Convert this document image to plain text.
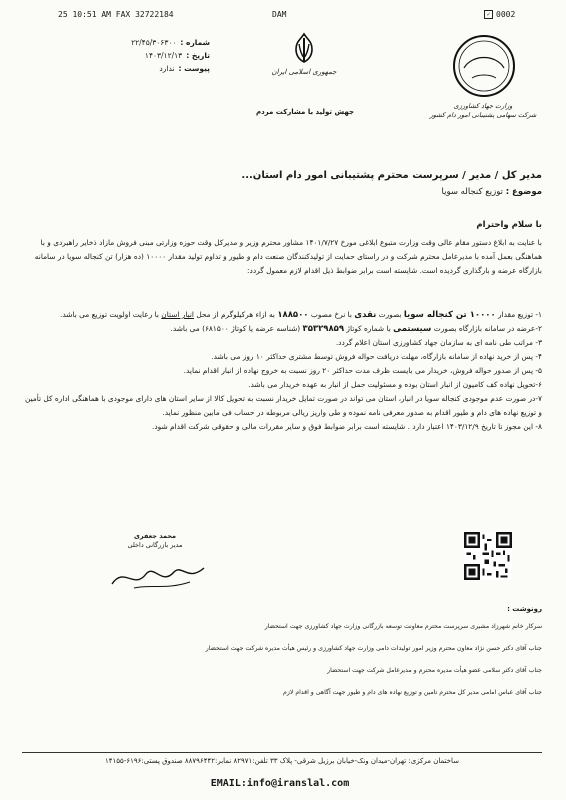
25 10:51 AM FAX 32722184	DAM	✓ 0002
شماره :
۲۲/۴۵/۳۰۶۳۰۰
تاریخ :
۱۴۰۳/۱۲/۱۳
پیوست :
ندارد	جمهوری اسلامی ایران
جهش تولید با مشارکت مردم
وزارت جهاد کشاورزی
شرکت سهامی پشتیبانی امور دام کشور
مدیر کل / مدیر / سرپرست محترم پشتیبانی امور دام استان...
موضوع : توزیع کنجاله سویا
با سلام واحترام
با عنایت به ابلاغ دستور مقام عالی وقت وزارت متبوع ابلاغی مورخ ۱۴۰۱/۷/۲۷ مشاور محترم وزیر و مدیرکل وقت حوزه وزارتی مبنی فروش مازاد ذخایر راهبردی و با هماهنگی بعمل آمده با مدیرعامل محترم شرکت و در راستای حمایت از تولیدکنندگان صنعت دام و طیور و تداوم تولید مقدار ۱۰۰۰۰ (ده هزار) تن کنجاله سویا در سامانه بازارگاه عرضه و بارگذاری گردیده است. شایسته است برابر ضوابط ذیل اقدام لازم معمول گردد:

۱- توزیع مقدار ۱۰۰۰۰ تن کنجاله سویا بصورت نقدی با نرخ مصوب ۱۸۸۵۰۰ به ازاء هرکیلوگرم از محل انبار استان با رعایت اولویت توزیع می باشد.

۲-عرضه در سامانه بازارگاه بصورت سیستمی با شماره کوتاژ ۳۵۳۲۹۸۵۹ (شناسه عرضه یا کوتاژ ۶۸۱۵۰۰) می باشد.

۳- مراتب طی نامه ای به سازمان جهاد کشاورزی استان اعلام گردد.

۴- پس از خرید نهاده از سامانه بازارگاه، مهلت دریافت حواله فروش توسط مشتری حداکثر ۱۰ روز می باشد.

۵- پس از صدور حواله فروش، خریدار می بایست ظرف مدت حداکثر ۲۰ روز نسبت به خروج نهاده از انبار اقدام نماید.

۶-تحویل نهاده کف کامیون از انبار استان بوده و مسئولیت حمل از انبار به عهده خریدار می باشد.

۷-در صورت عدم موجودی کنجاله سویا در انبار، استان می تواند در صورت تمایل خریدار نسبت به تحویل کالا از سایر استان های دارای موجودی با هماهنگی اداره کل تأمین و توزیع نهاده های دام و طیور اقدام به صدور معرفی نامه نموده و طی واریز ریالی مربوطه در حساب فی مابین منظور نماید.

۸- این مجوز تا تاریخ ۱۴۰۳/۱۲/۹ اعتبار دارد . شایسته است برابر ضوابط فوق و سایر مقررات مالی و حقوقی شرکت اقدام شود.

محمد جعفری
مدیر بازرگانی داخلی
رونوشت :
سرکار خانم شهرزاد مشیری سرپرست محترم معاونت توسعه بازرگانی وزارت جهاد کشاورزی جهت استحضار
جناب آقای دکتر حسن نژاد معاون محترم وزیر امور تولیدات دامی وزارت جهاد کشاورزی و رئیس هیأت مدیره شرکت جهت استحضار
جناب آقای دکتر سلامی عضو هیأت مدیره محترم و مدیرعامل شرکت جهت استحضار
جناب آقای عباس امامی مدیر کل محترم تامین و توزیع نهاده های دام و طیور جهت آگاهی و اقدام لازم
ساختمان مرکزی: تهران-میدان ونک-خیابان برزیل شرقی- پلاک ۳۳ تلفن:۸۲۹۷۱ نمابر:۸۸۷۹۶۴۴۲ صندوق پستی:۶۱۹۶-۱۴۱۵۵
EMAIL:info@iranslal.com
